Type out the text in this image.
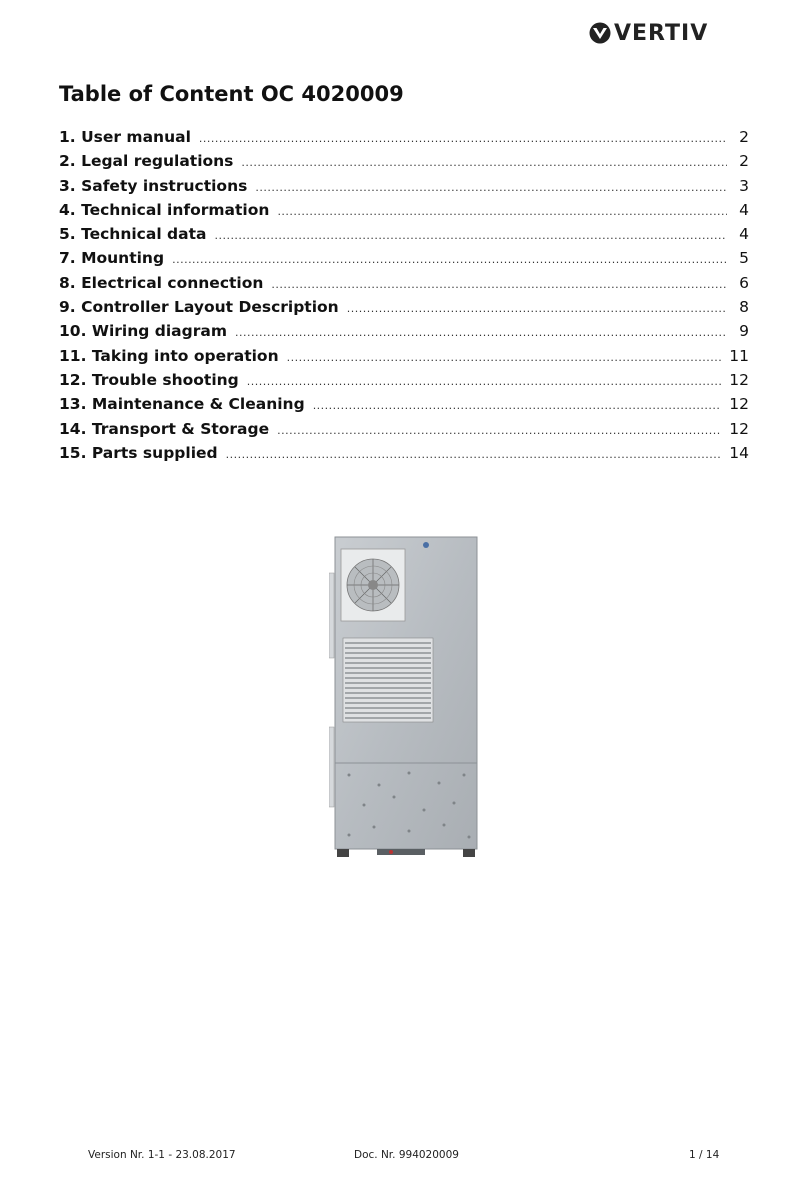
VERTIV
Table of Content OC 4020009
1. User manual .....	2
2. Legal regulations .....	2
3. Safety instructions .....	3
4. Technical information .....	4
5. Technical data .....	4
7. Mounting .....	5
8. Electrical connection .....	6
9. Controller Layout Description .....	8
10. Wiring diagram .....	9
11. Taking into operation .....	11
12. Trouble shooting .....	12
13. Maintenance & Cleaning .....	12
14. Transport & Storage .....	12
15. Parts supplied .....	14
Version Nr. 1-1 - 23.08.2017	Doc. Nr. 994020009	1 / 14
